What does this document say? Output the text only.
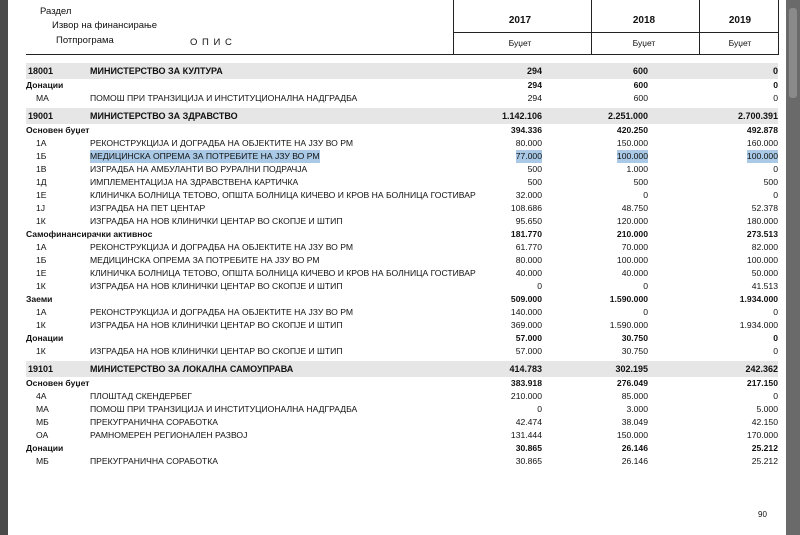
Раздел
Извор на финансирање
Потпрограма	О П И С
2017	2018	2019
Буџет	Буџет	Буџет
18001	МИНИСТЕРСТВО ЗА КУЛТУРА	294	600	0
Донации	294	600	0
МА	ПОМОШ ПРИ ТРАНЗИЦИЈА И ИНСТИТУЦИОНАЛНА НАДГРАДБА	294	600	0
19001	МИНИСТЕРСТВО ЗА ЗДРАВСТВО	1.142.106	2.251.000	2.700.391
Основен буџет	394.336	420.250	492.878
1А	РЕКОНСТРУКЦИЈА И ДОГРАДБА НА ОБЈЕКТИТЕ НА ЈЗУ ВО РМ	80.000	150.000	160.000
1Б	МЕДИЦИНСКА ОПРЕМА ЗА ПОТРЕБИТЕ НА ЈЗУ ВО РМ	77.000	100.000	100.000
1В	ИЗГРАДБА НА АМБУЛАНТИ ВО РУРАЛНИ ПОДРАЧЈА	500	1.000	0
1Д	ИМПЛЕМЕНТАЦИЈА НА ЗДРАВСТВЕНА КАРТИЧКА	500	500	500
1Е	КЛИНИЧКА БОЛНИЦА ТЕТОВО, ОПШТА БОЛНИЦА КИЧЕВО И КРОВ НА БОЛНИЦА ГОСТИВАР	32.000	0	0
1Ј	ИЗГРАДБА НА ПЕТ ЦЕНТАР	108.686	48.750	52.378
1К	ИЗГРАДБА НА НОВ КЛИНИЧКИ ЦЕНТАР ВО СКОПЈЕ И ШТИП	95.650	120.000	180.000
Самофинансирачки активнос	181.770	210.000	273.513
1А	РЕКОНСТРУКЦИЈА И ДОГРАДБА НА ОБЈЕКТИТЕ НА ЈЗУ ВО РМ	61.770	70.000	82.000
1Б	МЕДИЦИНСКА ОПРЕМА ЗА ПОТРЕБИТЕ НА ЈЗУ ВО РМ	80.000	100.000	100.000
1Е	КЛИНИЧКА БОЛНИЦА ТЕТОВО, ОПШТА БОЛНИЦА КИЧЕВО И КРОВ НА БОЛНИЦА ГОСТИВАР	40.000	40.000	50.000
1К	ИЗГРАДБА НА НОВ КЛИНИЧКИ ЦЕНТАР ВО СКОПЈЕ И ШТИП	0	0	41.513
Заеми	509.000	1.590.000	1.934.000
1А	РЕКОНСТРУКЦИЈА И ДОГРАДБА НА ОБЈЕКТИТЕ НА ЈЗУ ВО РМ	140.000	0	0
1К	ИЗГРАДБА НА НОВ КЛИНИЧКИ ЦЕНТАР ВО СКОПЈЕ И ШТИП	369.000	1.590.000	1.934.000
Донации	57.000	30.750	0
1К	ИЗГРАДБА НА НОВ КЛИНИЧКИ ЦЕНТАР ВО СКОПЈЕ И ШТИП	57.000	30.750	0
19101	МИНИСТЕРСТВО ЗА ЛОКАЛНА САМОУПРАВА	414.783	302.195	242.362
Основен буџет	383.918	276.049	217.150
4А	ПЛОШТАД СКЕНДЕРБЕГ	210.000	85.000	0
МА	ПОМОШ ПРИ ТРАНЗИЦИЈА И ИНСТИТУЦИОНАЛНА НАДГРАДБА	0	3.000	5.000
МБ	ПРЕКУГРАНИЧНА СОРАБОТКА	42.474	38.049	42.150
ОА	РАМНОМЕРЕН РЕГИОНАЛЕН РАЗВОЈ	131.444	150.000	170.000
Донации	30.865	26.146	25.212
МБ	ПРЕКУГРАНИЧНА СОРАБОТКА	30.865	26.146	25.212
90
